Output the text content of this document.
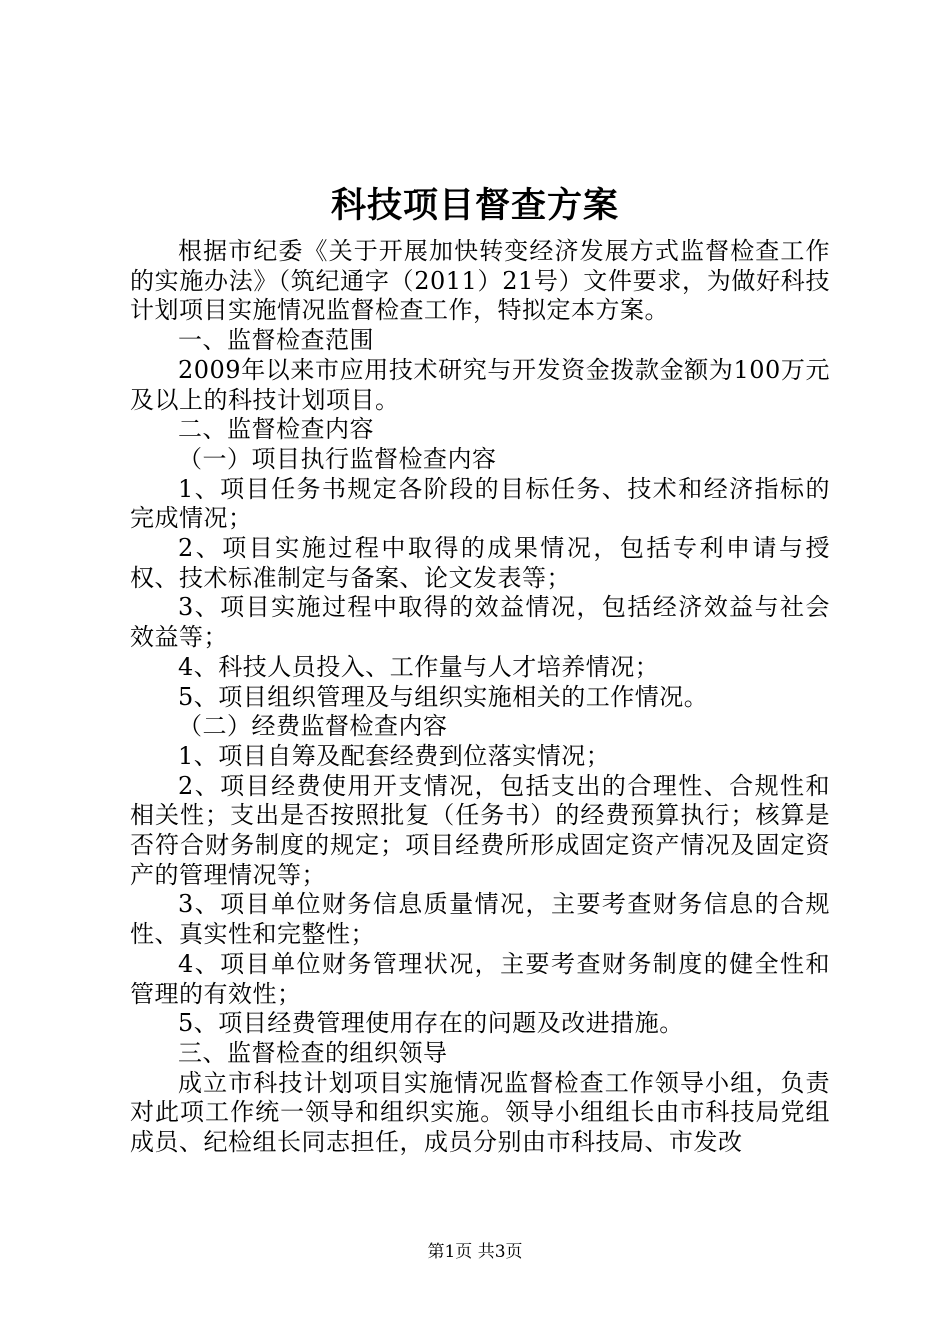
科技项目督查方案

根据市纪委《关于开展加快转变经济发展方式监督检查工作的实施办法》（筑纪通字（2011）21号）文件要求，为做好科技计划项目实施情况监督检查工作，特拟定本方案。

一、监督检查范围

2009年以来市应用技术研究与开发资金拨款金额为100万元及以上的科技计划项目。

二、监督检查内容

（一）项目执行监督检查内容

1、项目任务书规定各阶段的目标任务、技术和经济指标的完成情况；

2、项目实施过程中取得的成果情况，包括专利申请与授权、技术标准制定与备案、论文发表等；

3、项目实施过程中取得的效益情况，包括经济效益与社会效益等；

4、科技人员投入、工作量与人才培养情况；

5、项目组织管理及与组织实施相关的工作情况。

（二）经费监督检查内容

1、项目自筹及配套经费到位落实情况；

2、项目经费使用开支情况，包括支出的合理性、合规性和相关性；支出是否按照批复（任务书）的经费预算执行；核算是否符合财务制度的规定；项目经费所形成固定资产情况及固定资产的管理情况等；

3、项目单位财务信息质量情况，主要考查财务信息的合规性、真实性和完整性；

4、项目单位财务管理状况，主要考查财务制度的健全性和管理的有效性；

5、项目经费管理使用存在的问题及改进措施。

三、监督检查的组织领导

成立市科技计划项目实施情况监督检查工作领导小组，负责对此项工作统一领导和组织实施。领导小组组长由市科技局党组成员、纪检组长同志担任，成员分别由市科技局、市发改

第1页 共3页
